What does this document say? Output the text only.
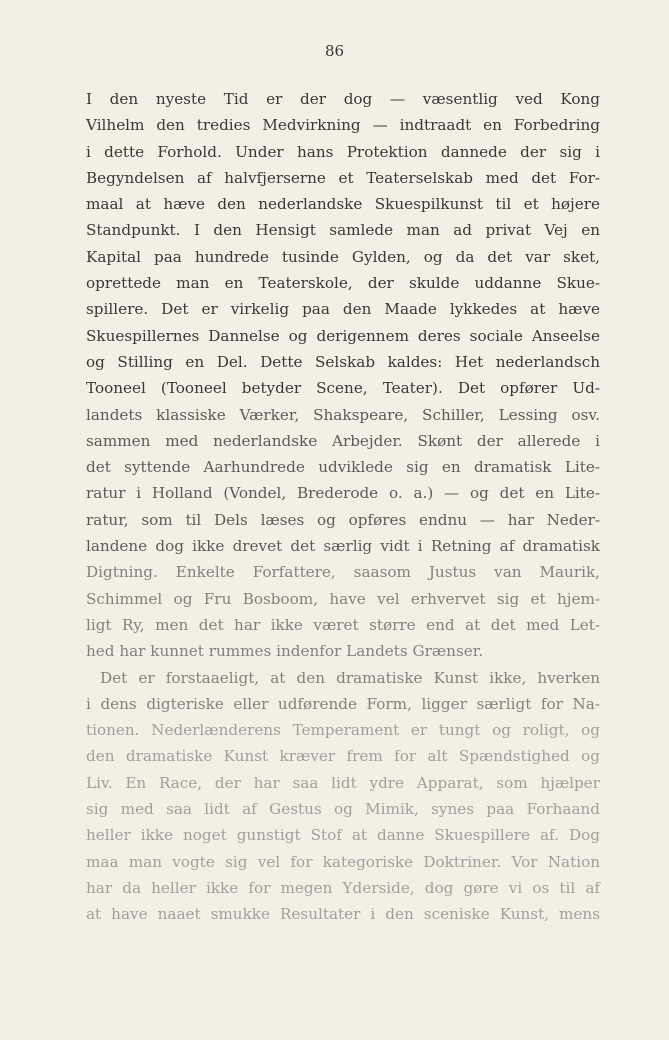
86
I den nyeste Tid er der dog — væsentlig ved Kong
Vilhelm den tredies Medvirkning — indtraadt en Forbedring
i dette Forhold. Under hans Protektion dannede der sig i
Begyndelsen af halvfjerserne et Teaterselskab med det For-
maal at hæve den nederlandske Skuespilkunst til et højere
Standpunkt. I den Hensigt samlede man ad privat Vej en
Kapital paa hundrede tusinde Gylden, og da det var sket,
oprettede man en Teaterskole, der skulde uddanne Skue-
spillere. Det er virkelig paa den Maade lykkedes at hæve
Skuespillernes Dannelse og derigennem deres sociale Anseelse
og Stilling en Del. Dette Selskab kaldes: Het nederlandsch
Tooneel (Tooneel betyder Scene, Teater). Det opfører Ud-
landets klassiske Værker, Shakspeare, Schiller, Lessing osv.
sammen med nederlandske Arbejder. Skønt der allerede i
det syttende Aarhundrede udviklede sig en dramatisk Lite-
ratur i Holland (Vondel, Brederode o. a.) — og det en Lite-
ratur, som til Dels læses og opføres endnu — har Neder-
landene dog ikke drevet det særlig vidt i Retning af dramatisk
Digtning. Enkelte Forfattere, saasom Justus van Maurik,
Schimmel og Fru Bosboom, have vel erhvervet sig et hjem-
ligt Ry, men det har ikke været større end at det med Let-
hed har kunnet rummes indenfor Landets Grænser.
Det er forstaaeligt, at den dramatiske Kunst ikke, hverken
i dens digteriske eller udførende Form, ligger særligt for Na-
tionen. Nederlænderens Temperament er tungt og roligt, og
den dramatiske Kunst kræver frem for alt Spændstighed og
Liv. En Race, der har saa lidt ydre Apparat, som hjælper
sig med saa lidt af Gestus og Mimik, synes paa Forhaand
heller ikke noget gunstigt Stof at danne Skuespillere af. Dog
maa man vogte sig vel for kategoriske Doktriner. Vor Nation
har da heller ikke for megen Yderside, dog gøre vi os til af
at have naaet smukke Resultater i den sceniske Kunst, mens
